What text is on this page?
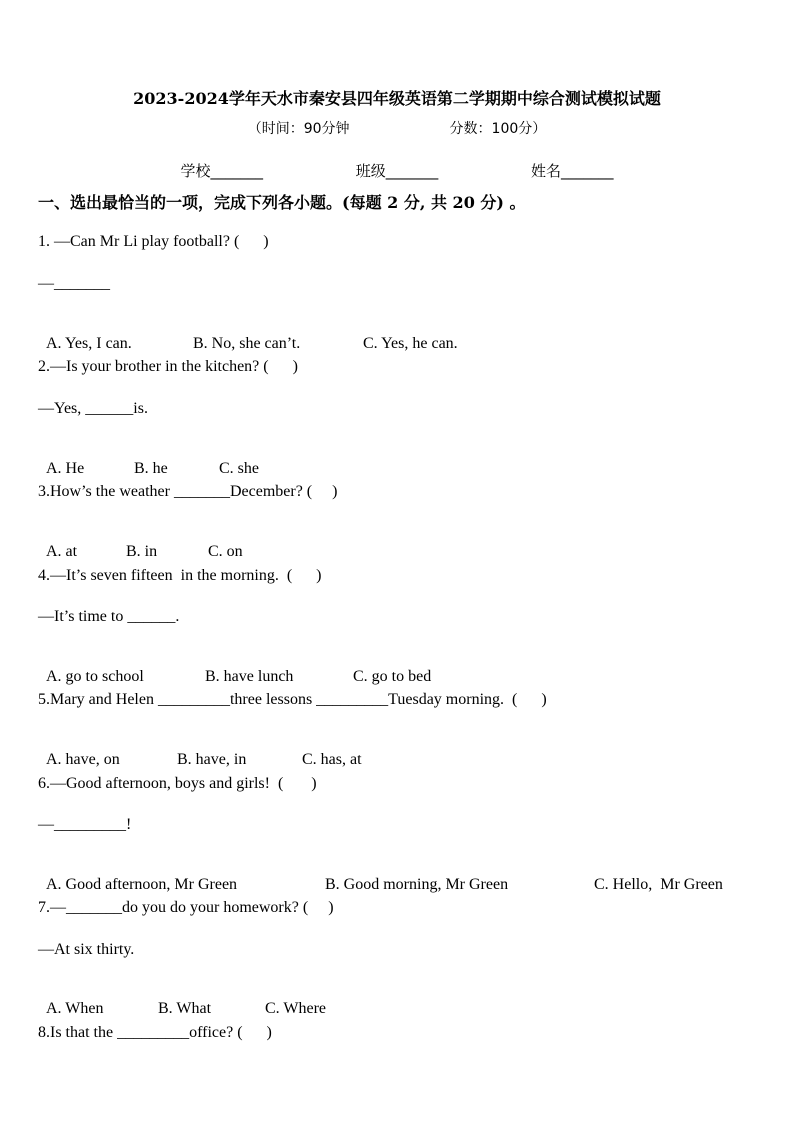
2023-2024学年天水市秦安县四年级英语第二学期期中综合测试模拟试题
（时间：90分钟	分数：100分）
学校_______	班级_______	姓名_______
一、选出最恰当的一项，完成下列各小题。(每题 2 分, 共 20 分) 。
1. —Can Mr Li play football? (      )
—_______

A. Yes, I can.	B. No, she can’t.	C. Yes, he can.

2.—Is your brother in the kitchen? (      )
—Yes, ______is.

A. He	B. he	C. she

3.How’s the weather _______December? (     )

A. at	B. in	C. on

4.—It’s seven fifteen  in the morning.  (      )
—It’s time to ______.

A. go to school	B. have lunch	C. go to bed

5.Mary and Helen _________three lessons _________Tuesday morning.  (      )

A. have, on	B. have, in	C. has, at

6.—Good afternoon, boys and girls!  (       )
—_________!

A. Good afternoon, Mr Green	B. Good morning, Mr Green	C. Hello,  Mr Green

7.—_______do you do your homework? (     )
—At six thirty.

A. When	B. What	C. Where

8.Is that the _________office? (      )
